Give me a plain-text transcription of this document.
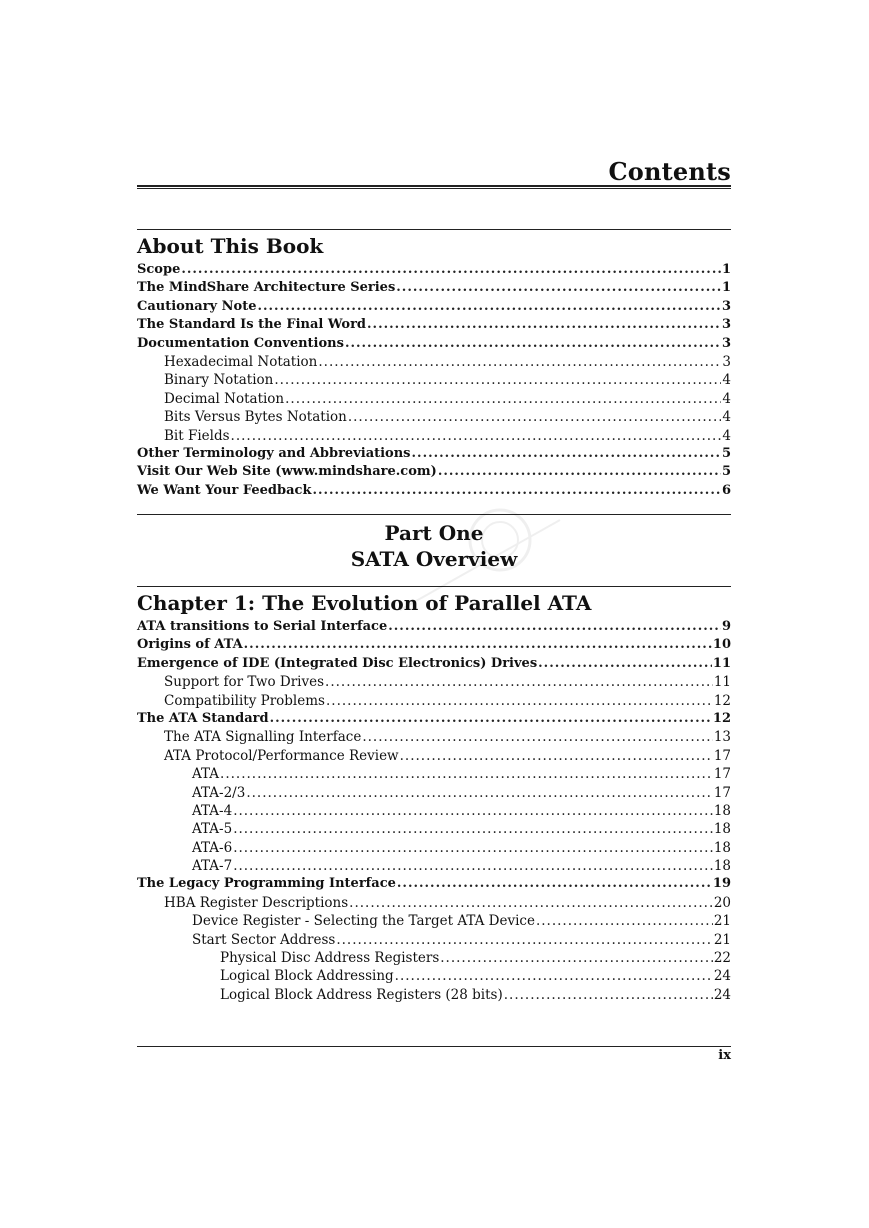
Contents
About This Book
Scope .....	1
The MindShare Architecture Series .....	1
Cautionary Note .....	3
The Standard Is the Final Word .....	3
Documentation Conventions .....	3
Hexadecimal Notation .....	3
Binary Notation .....	4
Decimal Notation .....	4
Bits Versus Bytes Notation .....	4
Bit Fields .....	4
Other Terminology and Abbreviations .....	5
Visit Our Web Site (www.mindshare.com) .....	5
We Want Your Feedback .....	6
Part One
SATA Overview
Chapter 1: The Evolution of Parallel ATA
ATA transitions to Serial Interface .....	9
Origins of ATA .....	10
Emergence of IDE (Integrated Disc Electronics) Drives .....	11
Support for Two Drives .....	11
Compatibility Problems .....	12
The ATA Standard .....	12
The ATA Signalling Interface .....	13
ATA Protocol/Performance Review .....	17
ATA .....	17
ATA-2/3 .....	17
ATA-4 .....	18
ATA-5 .....	18
ATA-6 .....	18
ATA-7 .....	18
The Legacy Programming Interface .....	19
HBA Register Descriptions .....	20
Device Register - Selecting the Target ATA Device .....	21
Start Sector Address .....	21
Physical Disc Address Registers .....	22
Logical Block Addressing .....	24
Logical Block Address Registers (28 bits) .....	24
ix
